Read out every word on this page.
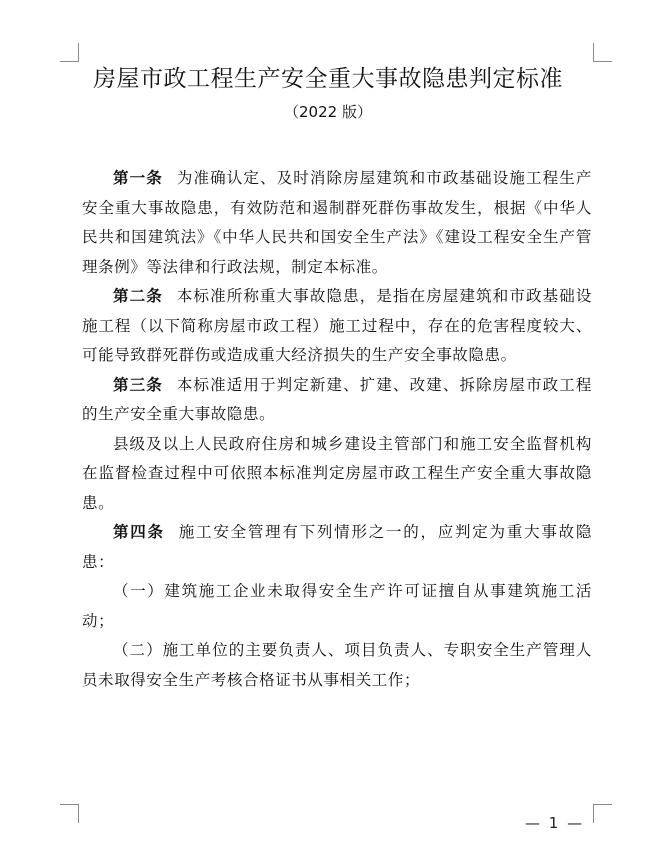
房屋市政工程生产安全重大事故隐患判定标准

（2022 版）

第一条 为准确认定、及时消除房屋建筑和市政基础设施工程生产安全重大事故隐患，有效防范和遏制群死群伤事故发生，根据《中华人民共和国建筑法》《中华人民共和国安全生产法》《建设工程安全生产管理条例》等法律和行政法规，制定本标准。

第二条 本标准所称重大事故隐患，是指在房屋建筑和市政基础设施工程（以下简称房屋市政工程）施工过程中，存在的危害程度较大、可能导致群死群伤或造成重大经济损失的生产安全事故隐患。

第三条 本标准适用于判定新建、扩建、改建、拆除房屋市政工程的生产安全重大事故隐患。

县级及以上人民政府住房和城乡建设主管部门和施工安全监督机构在监督检查过程中可依照本标准判定房屋市政工程生产安全重大事故隐患。

第四条 施工安全管理有下列情形之一的，应判定为重大事故隐患：

（一）建筑施工企业未取得安全生产许可证擅自从事建筑施工活动；

（二）施工单位的主要负责人、项目负责人、专职安全生产管理人员未取得安全生产考核合格证书从事相关工作；

— 1 —
